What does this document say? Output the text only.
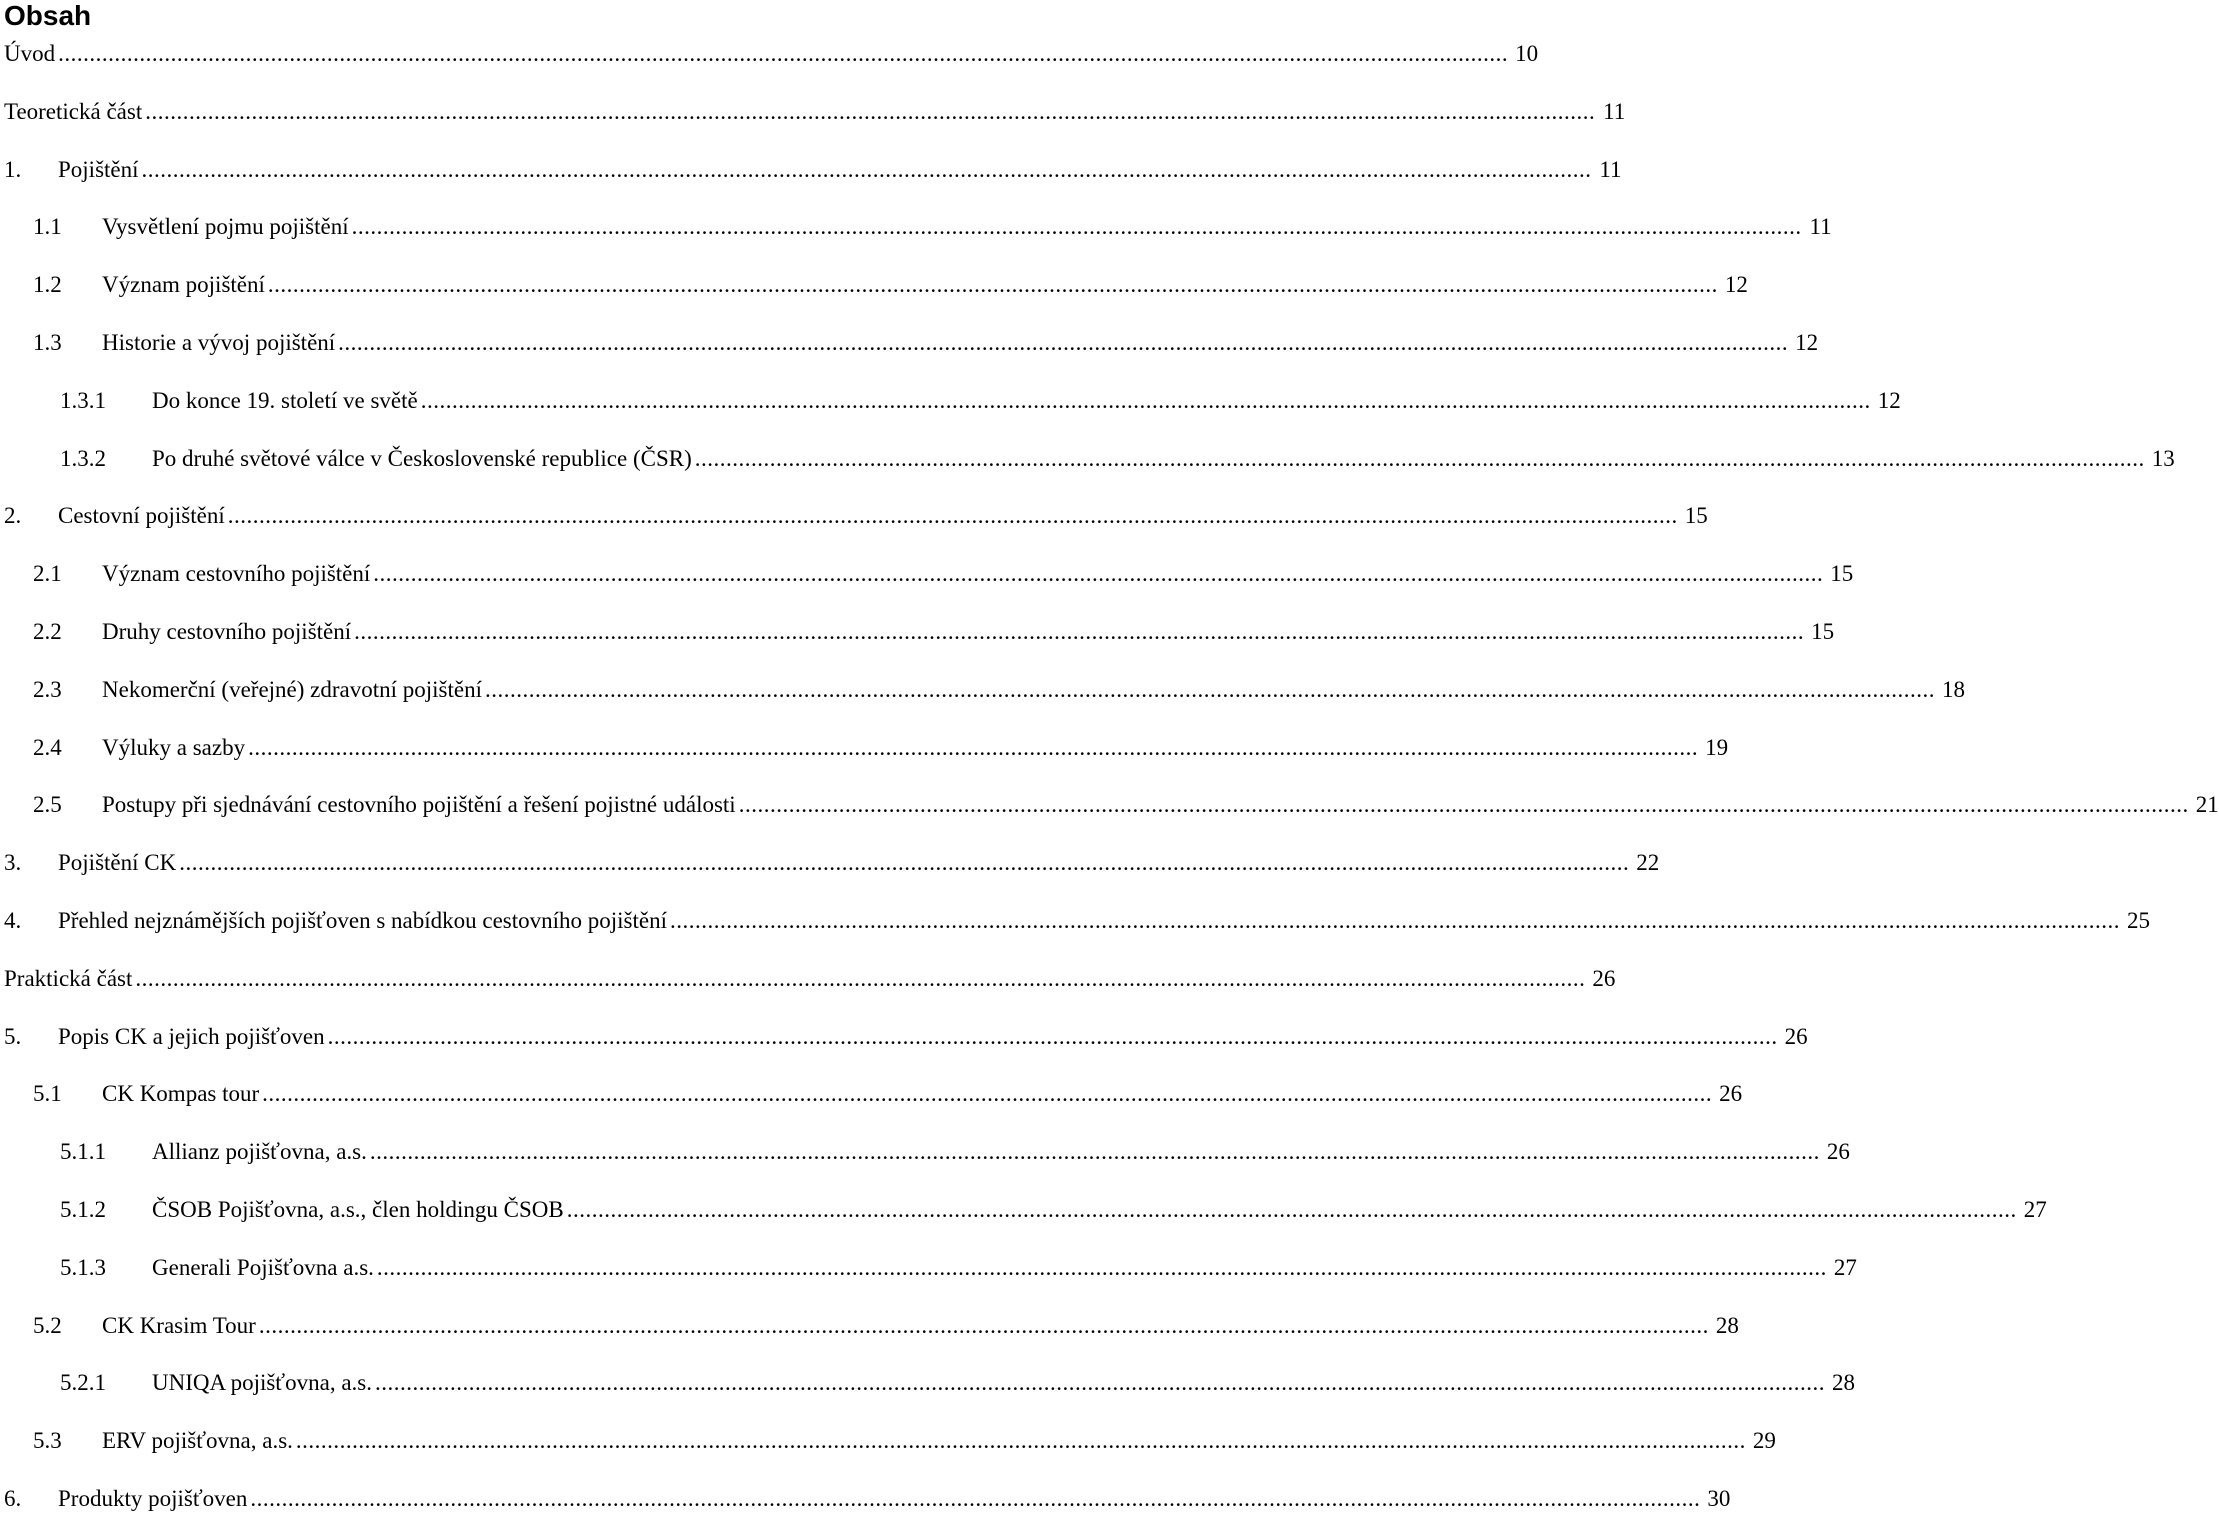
Obsah
Úvod ........................................................................................................................................................................................................................................ 10
Teoretická část ........................................................................................................................................................................................................................................ 11
1.	Pojištění ........................................................................................................................................................................................................................................ 11
1.1	Vysvětlení pojmu pojištění ........................................................................................................................................................................................................................................ 11
1.2	Význam pojištění ........................................................................................................................................................................................................................................ 12
1.3	Historie a vývoj pojištění ........................................................................................................................................................................................................................................ 12
1.3.1	Do konce 19. století ve světě ........................................................................................................................................................................................................................................ 12
1.3.2	Po druhé světové válce v Československé republice (ČSR) ........................................................................................................................................................................................................................................ 13
2.	Cestovní pojištění ........................................................................................................................................................................................................................................ 15
2.1	Význam cestovního pojištění ........................................................................................................................................................................................................................................ 15
2.2	Druhy cestovního pojištění ........................................................................................................................................................................................................................................ 15
2.3	Nekomerční (veřejné) zdravotní pojištění ........................................................................................................................................................................................................................................ 18
2.4	Výluky a sazby ........................................................................................................................................................................................................................................ 19
2.5	Postupy při sjednávání cestovního pojištění a řešení pojistné události ........................................................................................................................................................................................................................................ 21
3.	Pojištění CK ........................................................................................................................................................................................................................................ 22
4.	Přehled nejznámějších pojišťoven s nabídkou cestovního pojištění ........................................................................................................................................................................................................................................ 25
Praktická část ........................................................................................................................................................................................................................................ 26
5.	Popis CK a jejich pojišťoven ........................................................................................................................................................................................................................................ 26
5.1	CK Kompas tour ........................................................................................................................................................................................................................................ 26
5.1.1	Allianz pojišťovna, a.s. ........................................................................................................................................................................................................................................ 26
5.1.2	ČSOB Pojišťovna, a.s., člen holdingu ČSOB ........................................................................................................................................................................................................................................ 27
5.1.3	Generali Pojišťovna a.s. ........................................................................................................................................................................................................................................ 27
5.2	CK Krasim Tour ........................................................................................................................................................................................................................................ 28
5.2.1	UNIQA pojišťovna, a.s. ........................................................................................................................................................................................................................................ 28
5.3	ERV pojišťovna, a.s. ........................................................................................................................................................................................................................................ 29
6.	Produkty pojišťoven ........................................................................................................................................................................................................................................ 30
